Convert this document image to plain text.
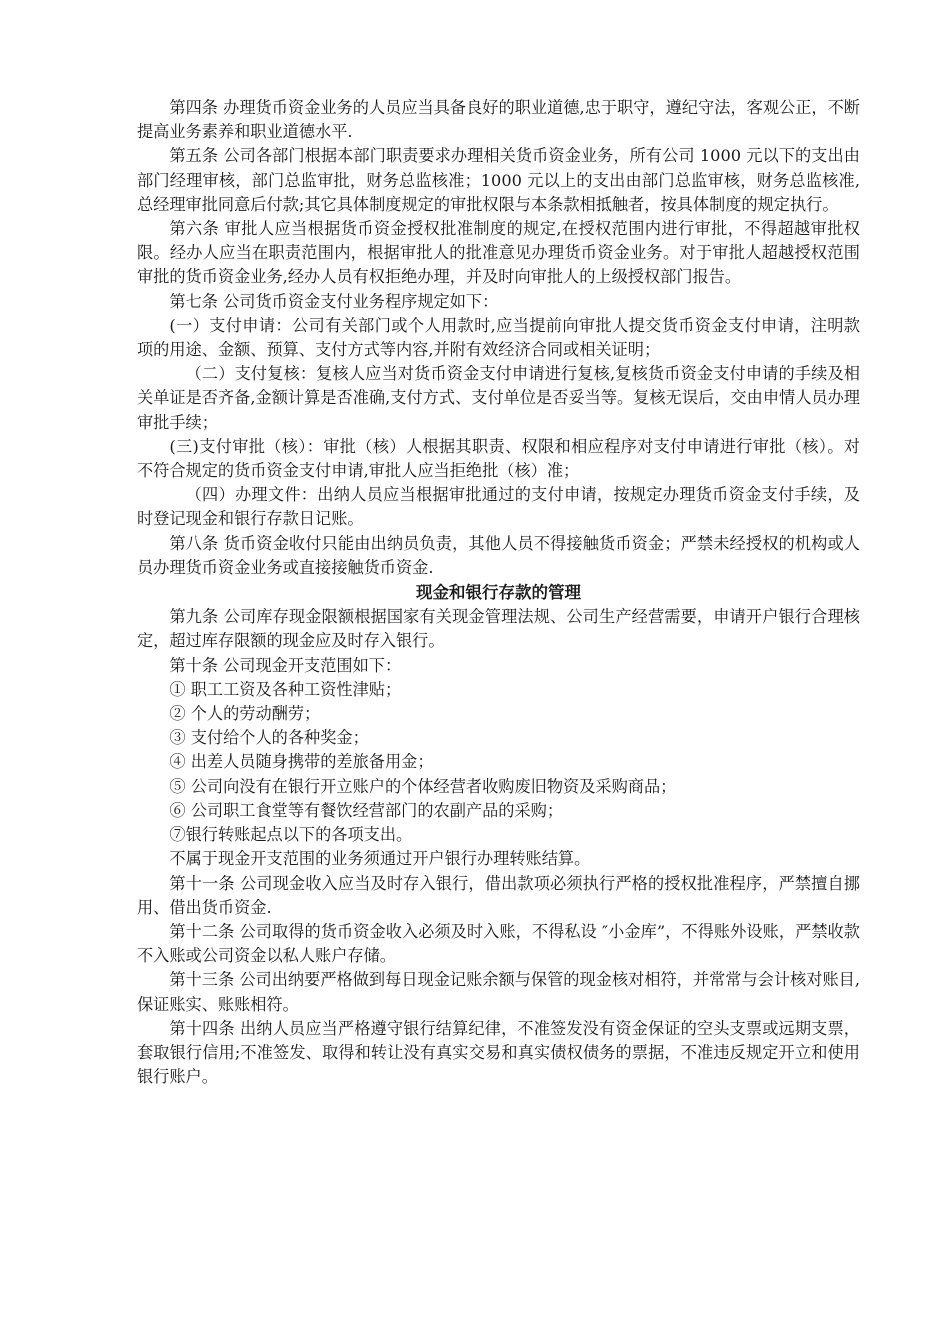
第四条 办理货币资金业务的人员应当具备良好的职业道德,忠于职守，遵纪守法，客观公正，不断提高业务素养和职业道德水平.

第五条 公司各部门根据本部门职责要求办理相关货币资金业务，所有公司 1000 元以下的支出由部门经理审核，部门总监审批，财务总监核准；1000 元以上的支出由部门总监审核，财务总监核准,总经理审批同意后付款;其它具体制度规定的审批权限与本条款相抵触者，按具体制度的规定执行。

第六条 审批人应当根据货币资金授权批准制度的规定,在授权范围内进行审批，不得超越审批权限。经办人应当在职责范围内，根据审批人的批准意见办理货币资金业务。对于审批人超越授权范围审批的货币资金业务,经办人员有权拒绝办理，并及时向审批人的上级授权部门报告。

第七条 公司货币资金支付业务程序规定如下：

(一）支付申请：公司有关部门或个人用款时,应当提前向审批人提交货币资金支付申请，注明款项的用途、金额、预算、支付方式等内容,并附有效经济合同或相关证明；

（二）支付复核：复核人应当对货币资金支付申请进行复核,复核货币资金支付申请的手续及相关单证是否齐备,金额计算是否准确,支付方式、支付单位是否妥当等。复核无误后，交由申情人员办理审批手续；

(三)支付审批（核）：审批（核）人根据其职责、权限和相应程序对支付申请进行审批（核）。对不符合规定的货币资金支付申请,审批人应当拒绝批（核）准；

（四）办理文件：出纳人员应当根据审批通过的支付申请，按规定办理货币资金支付手续，及时登记现金和银行存款日记账。

第八条 货币资金收付只能由出纳员负责，其他人员不得接触货币资金；严禁未经授权的机构或人员办理货币资金业务或直接接触货币资金.

现金和银行存款的管理

第九条 公司库存现金限额根据国家有关现金管理法规、公司生产经营需要，申请开户银行合理核定，超过库存限额的现金应及时存入银行。

第十条 公司现金开支范围如下：

① 职工工资及各种工资性津贴；

② 个人的劳动酬劳；

③ 支付给个人的各种奖金；

④ 出差人员随身携带的差旅备用金；

⑤ 公司向没有在银行开立账户的个体经营者收购废旧物资及采购商品；

⑥ 公司职工食堂等有餐饮经营部门的农副产品的采购；

⑦银行转账起点以下的各项支出。

不属于现金开支范围的业务须通过开户银行办理转账结算。

第十一条 公司现金收入应当及时存入银行，借出款项必须执行严格的授权批准程序，严禁擅自挪用、借出货币资金.

第十二条 公司取得的货币资金收入必须及时入账，不得私设 ″小金库”，不得账外设账，严禁收款不入账或公司资金以私人账户存储。

第十三条 公司出纳要严格做到每日现金记账余额与保管的现金核对相符，并常常与会计核对账目,保证账实、账账相符。

第十四条 出纳人员应当严格遵守银行结算纪律，不准签发没有资金保证的空头支票或远期支票，套取银行信用;不准签发、取得和转让没有真实交易和真实债权债务的票据，不准违反规定开立和使用银行账户。
